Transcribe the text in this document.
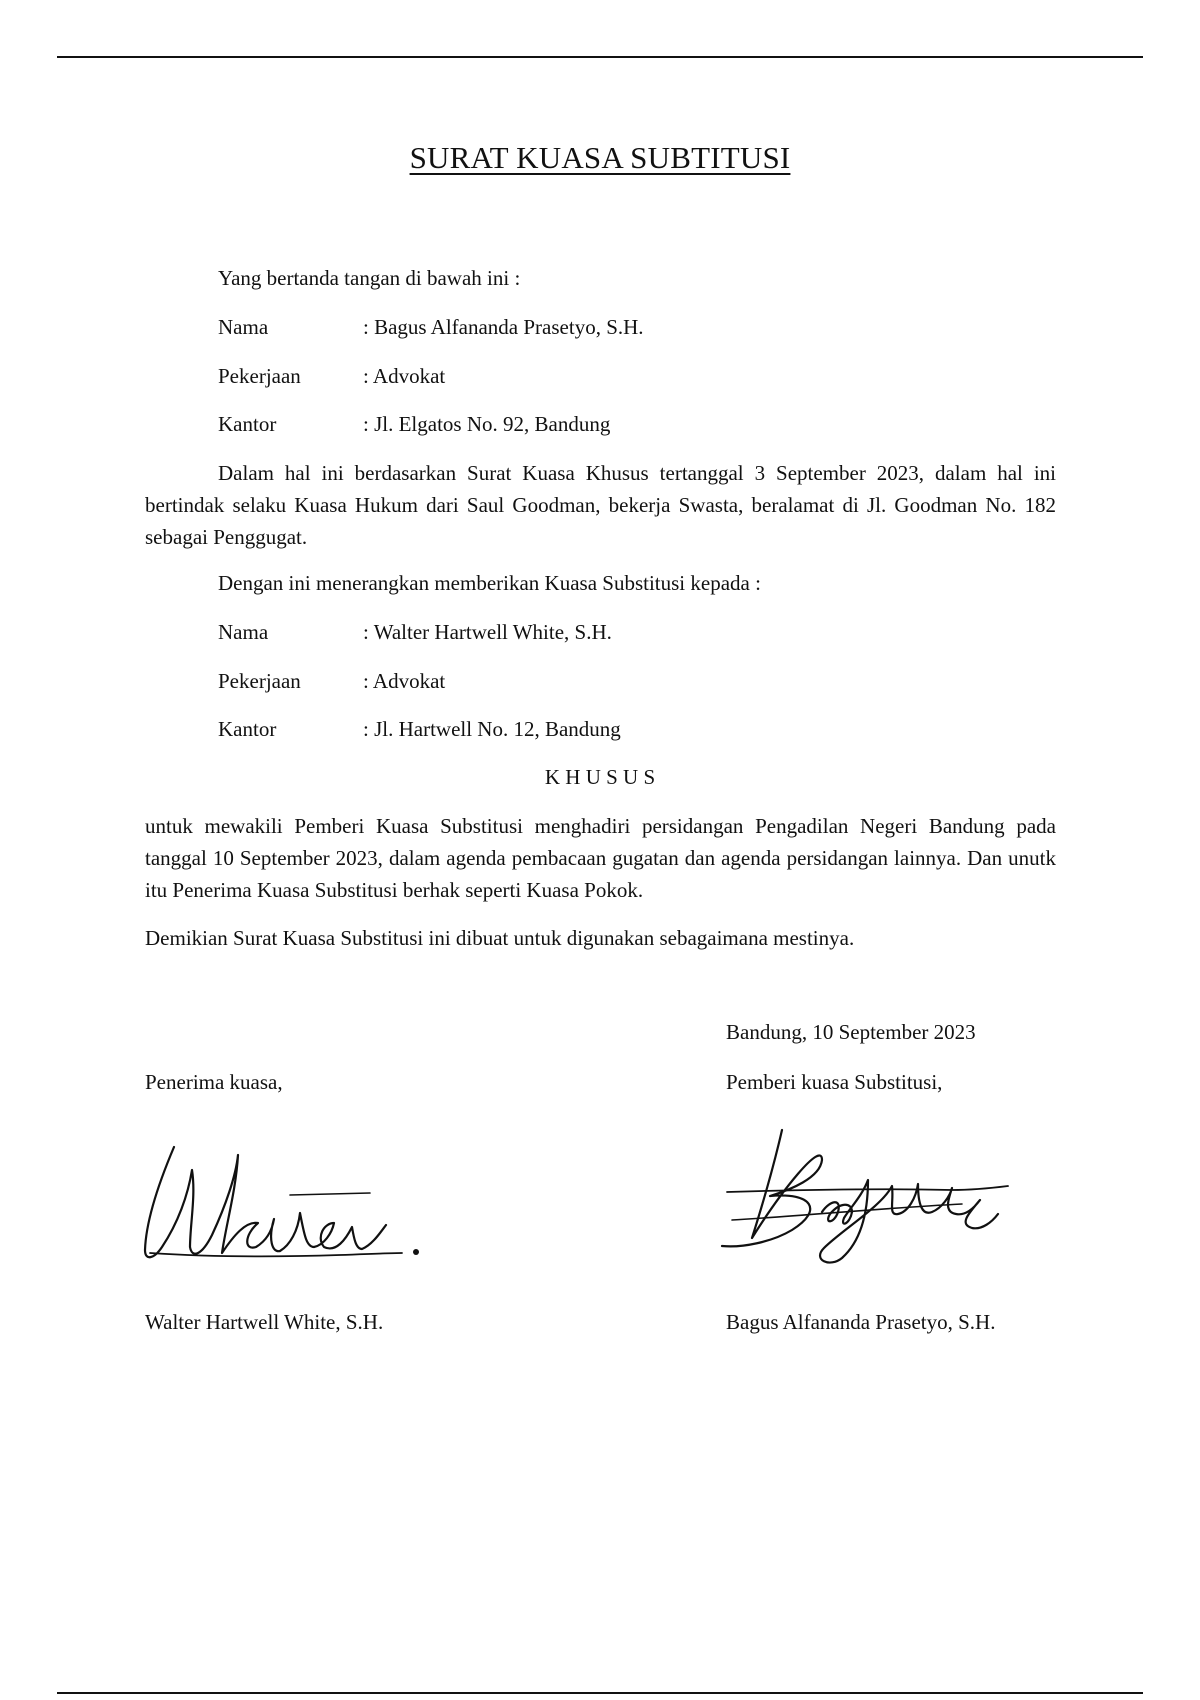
SURAT KUASA SUBTITUSI
Yang bertanda tangan di bawah ini :
Nama	: Bagus Alfananda Prasetyo, S.H.
Pekerjaan	: Advokat
Kantor	: Jl. Elgatos No. 92, Bandung
Dalam hal ini berdasarkan Surat Kuasa Khusus tertanggal 3 September 2023, dalam hal ini bertindak selaku Kuasa Hukum dari Saul Goodman, bekerja Swasta, beralamat di Jl. Goodman No. 182 sebagai Penggugat.
Dengan ini menerangkan memberikan Kuasa Substitusi kepada :
Nama	: Walter Hartwell White, S.H.
Pekerjaan	: Advokat
Kantor	: Jl. Hartwell No. 12, Bandung
K H U S U S
untuk mewakili Pemberi Kuasa Substitusi menghadiri persidangan Pengadilan Negeri Bandung pada tanggal 10 September 2023, dalam agenda pembacaan gugatan dan agenda persidangan lainnya. Dan unutk itu Penerima Kuasa Substitusi berhak seperti Kuasa Pokok.
Demikian Surat Kuasa Substitusi ini dibuat untuk digunakan sebagaimana mestinya.
Bandung, 10 September 2023
Penerima kuasa,	Pemberi kuasa Substitusi,
Walter Hartwell White, S.H.	Bagus Alfananda Prasetyo, S.H.
